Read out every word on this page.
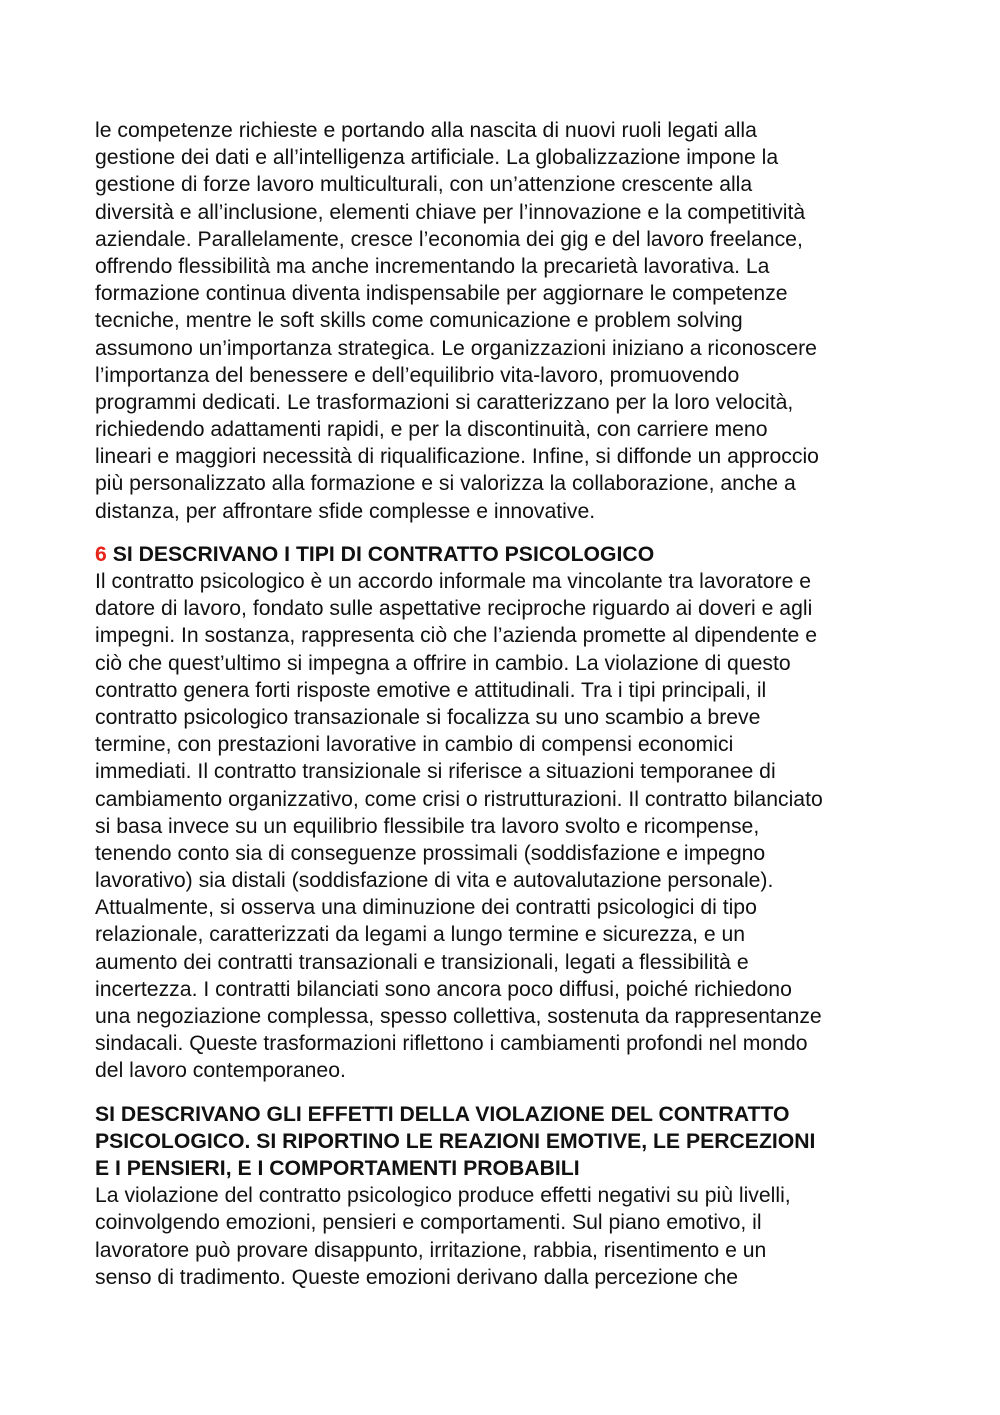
le competenze richieste e portando alla nascita di nuovi ruoli legati alla
gestione dei dati e all’intelligenza artificiale. La globalizzazione impone la
gestione di forze lavoro multiculturali, con un’attenzione crescente alla
diversità e all’inclusione, elementi chiave per l’innovazione e la competitività
aziendale. Parallelamente, cresce l’economia dei gig e del lavoro freelance,
offrendo flessibilità ma anche incrementando la precarietà lavorativa. La
formazione continua diventa indispensabile per aggiornare le competenze
tecniche, mentre le soft skills come comunicazione e problem solving
assumono un’importanza strategica. Le organizzazioni iniziano a riconoscere
l’importanza del benessere e dell’equilibrio vita-lavoro, promuovendo
programmi dedicati. Le trasformazioni si caratterizzano per la loro velocità,
richiedendo adattamenti rapidi, e per la discontinuità, con carriere meno
lineari e maggiori necessità di riqualificazione. Infine, si diffonde un approccio
più personalizzato alla formazione e si valorizza la collaborazione, anche a
distanza, per affrontare sfide complesse e innovative.
6 SI DESCRIVANO I TIPI DI CONTRATTO PSICOLOGICO
Il contratto psicologico è un accordo informale ma vincolante tra lavoratore e
datore di lavoro, fondato sulle aspettative reciproche riguardo ai doveri e agli
impegni. In sostanza, rappresenta ciò che l’azienda promette al dipendente e
ciò che quest’ultimo si impegna a offrire in cambio. La violazione di questo
contratto genera forti risposte emotive e attitudinali. Tra i tipi principali, il
contratto psicologico transazionale si focalizza su uno scambio a breve
termine, con prestazioni lavorative in cambio di compensi economici
immediati. Il contratto transizionale si riferisce a situazioni temporanee di
cambiamento organizzativo, come crisi o ristrutturazioni. Il contratto bilanciato
si basa invece su un equilibrio flessibile tra lavoro svolto e ricompense,
tenendo conto sia di conseguenze prossimali (soddisfazione e impegno
lavorativo) sia distali (soddisfazione di vita e autovalutazione personale).
Attualmente, si osserva una diminuzione dei contratti psicologici di tipo
relazionale, caratterizzati da legami a lungo termine e sicurezza, e un
aumento dei contratti transazionali e transizionali, legati a flessibilità e
incertezza. I contratti bilanciati sono ancora poco diffusi, poiché richiedono
una negoziazione complessa, spesso collettiva, sostenuta da rappresentanze
sindacali. Queste trasformazioni riflettono i cambiamenti profondi nel mondo
del lavoro contemporaneo.
SI DESCRIVANO GLI EFFETTI DELLA VIOLAZIONE DEL CONTRATTO
PSICOLOGICO. SI RIPORTINO LE REAZIONI EMOTIVE, LE PERCEZIONI
E I PENSIERI, E I COMPORTAMENTI PROBABILI
La violazione del contratto psicologico produce effetti negativi su più livelli,
coinvolgendo emozioni, pensieri e comportamenti. Sul piano emotivo, il
lavoratore può provare disappunto, irritazione, rabbia, risentimento e un
senso di tradimento. Queste emozioni derivano dalla percezione che
